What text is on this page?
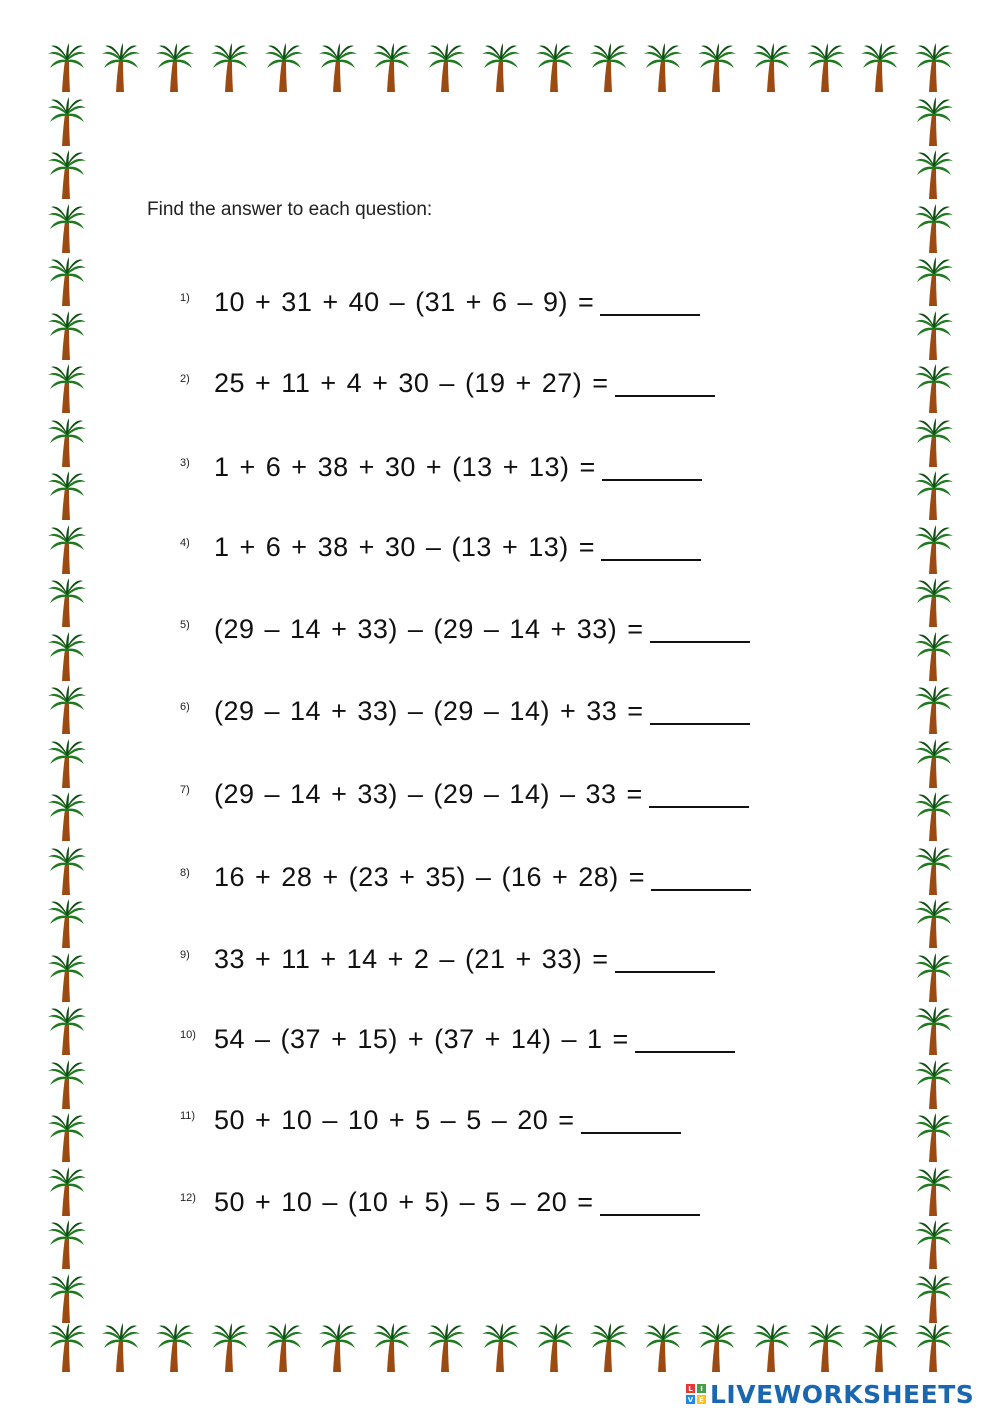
Find the answer to each question:
1) 10 + 31 + 40 – (31 + 6 – 9) =
2) 25 + 11 + 4 + 30 – (19 + 27) =
3) 1 + 6 + 38 + 30 + (13 + 13) =
4) 1 + 6 + 38 + 30 – (13 + 13) =
5) (29 – 14 + 33) – (29 – 14 + 33) =
6) (29 – 14 + 33) – (29 – 14) + 33 =
7) (29 – 14 + 33) – (29 – 14) – 33 =
8) 16 + 28 + (23 + 35) – (16 + 28) =
9) 33 + 11 + 14 + 2 – (21 + 33) =
10) 54 – (37 + 15) + (37 + 14) – 1 =
11) 50 + 10 – 10 + 5 – 5 – 20 =
12) 50 + 10 – (10 + 5) – 5 – 20 =
L	I
V E LIVEWORKSHEETS
